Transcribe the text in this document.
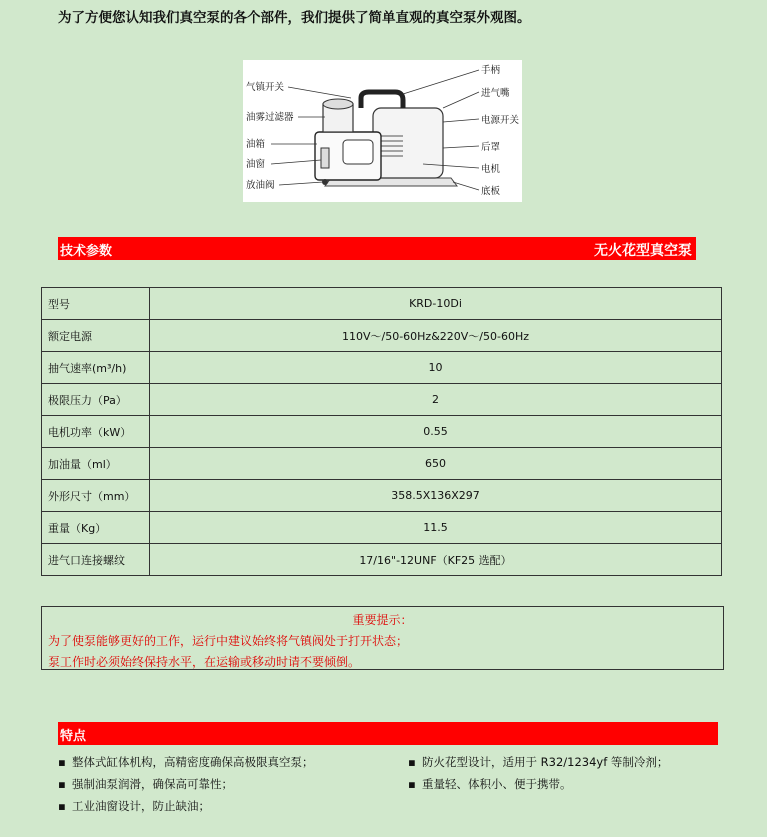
为了方便您认知我们真空泵的各个部件，我们提供了简单直观的真空泵外观图。
气镇开关
油雾过滤器
油箱
油窗
放油阀
手柄
进气嘴
电源开关
后罩
电机
底板
技术参数	无火花型真空泵
型号	KRD-10Di
额定电源	110V～/50-60Hz&220V～/50-60Hz
抽气速率(m³/h)	10
极限压力（Pa）	2
电机功率（kW）	0.55
加油量（ml）	650
外形尺寸（mm）	358.5X136X297
重量（Kg）	11.5
进气口连接螺纹	17/16"-12UNF（KF25 选配）
重要提示：
为了使泵能够更好的工作，运行中建议始终将气镇阀处于打开状态；
泵工作时必须始终保持水平，在运输或移动时请不要倾倒。
特点
▪ 整体式缸体机构，高精密度确保高极限真空泵；	▪ 防火花型设计，适用于 R32/1234yf 等制冷剂；
▪ 强制油泵润滑，确保高可靠性；	▪ 重量轻、体积小、便于携带。
▪ 工业油窗设计，防止缺油；
